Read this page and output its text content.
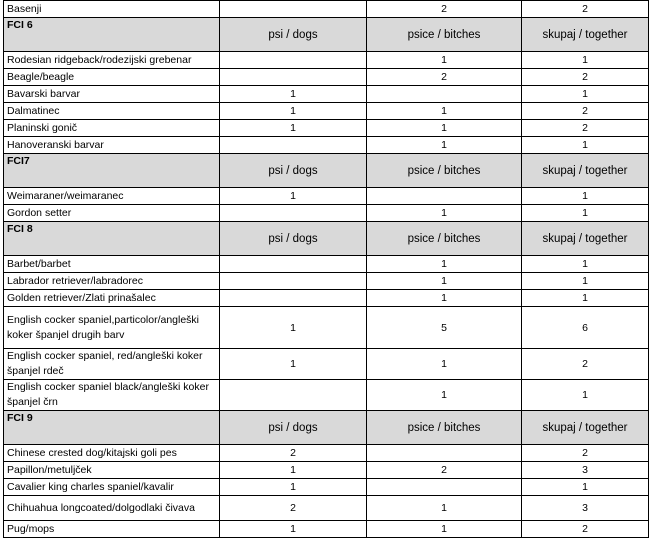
Basenji		2	2
FCI 6	psi / dogs	psice / bitches	skupaj / together
Rodesian ridgeback/rodezijski grebenar		1	1
Beagle/beagle		2	2
Bavarski barvar	1		1
Dalmatinec	1	1	2
Planinski gonič	1	1	2
Hanoveranski barvar		1	1
FCI7	psi / dogs	psice / bitches	skupaj / together
Weimaraner/weimaranec	1		1
Gordon setter		1	1
FCI 8	psi / dogs	psice / bitches	skupaj / together
Barbet/barbet		1	1
Labrador retriever/labradorec		1	1
Golden retriever/Zlati prinašalec		1	1
English cocker spaniel,particolor/angleški koker španjel drugih barv	1	5	6
English cocker spaniel, red/angleški koker španjel rdeč	1	1	2
English cocker spaniel black/angleški koker španjel črn		1	1
FCI 9	psi / dogs	psice / bitches	skupaj / together
Chinese crested dog/kitajski goli pes	2		2
Papillon/metuljček	1	2	3
Cavalier king charles spaniel/kavalir	1		1
Chihuahua longcoated/dolgodlaki čivava	2	1	3
Pug/mops	1	1	2
